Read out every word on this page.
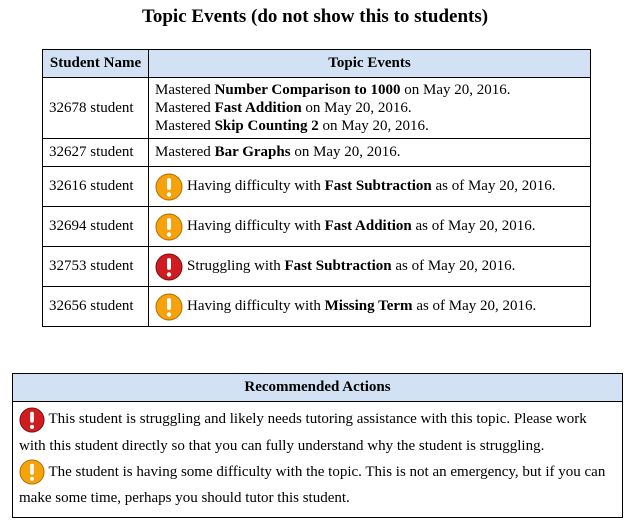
Topic Events (do not show this to students)
Student Name	Topic Events
32678 student	Mastered Number Comparison to 1000 on May 20, 2016.
Mastered Fast Addition on May 20, 2016.
Mastered Skip Counting 2 on May 20, 2016.

32627 student	Mastered Bar Graphs on May 20, 2016.
32616 student	Having difficulty with Fast Subtraction as of May 20, 2016.

32694 student	Having difficulty with Fast Addition as of May 20, 2016.

32753 student	Struggling with Fast Subtraction as of May 20, 2016.

32656 student	Having difficulty with Missing Term as of May 20, 2016.
Recommended Actions

This student is struggling and likely needs tutoring assistance with this topic. Please work with this student directly so that you can fully understand why the student is struggling.

The student is having some difficulty with the topic. This is not an emergency, but if you can make some time, perhaps you should tutor this student.
